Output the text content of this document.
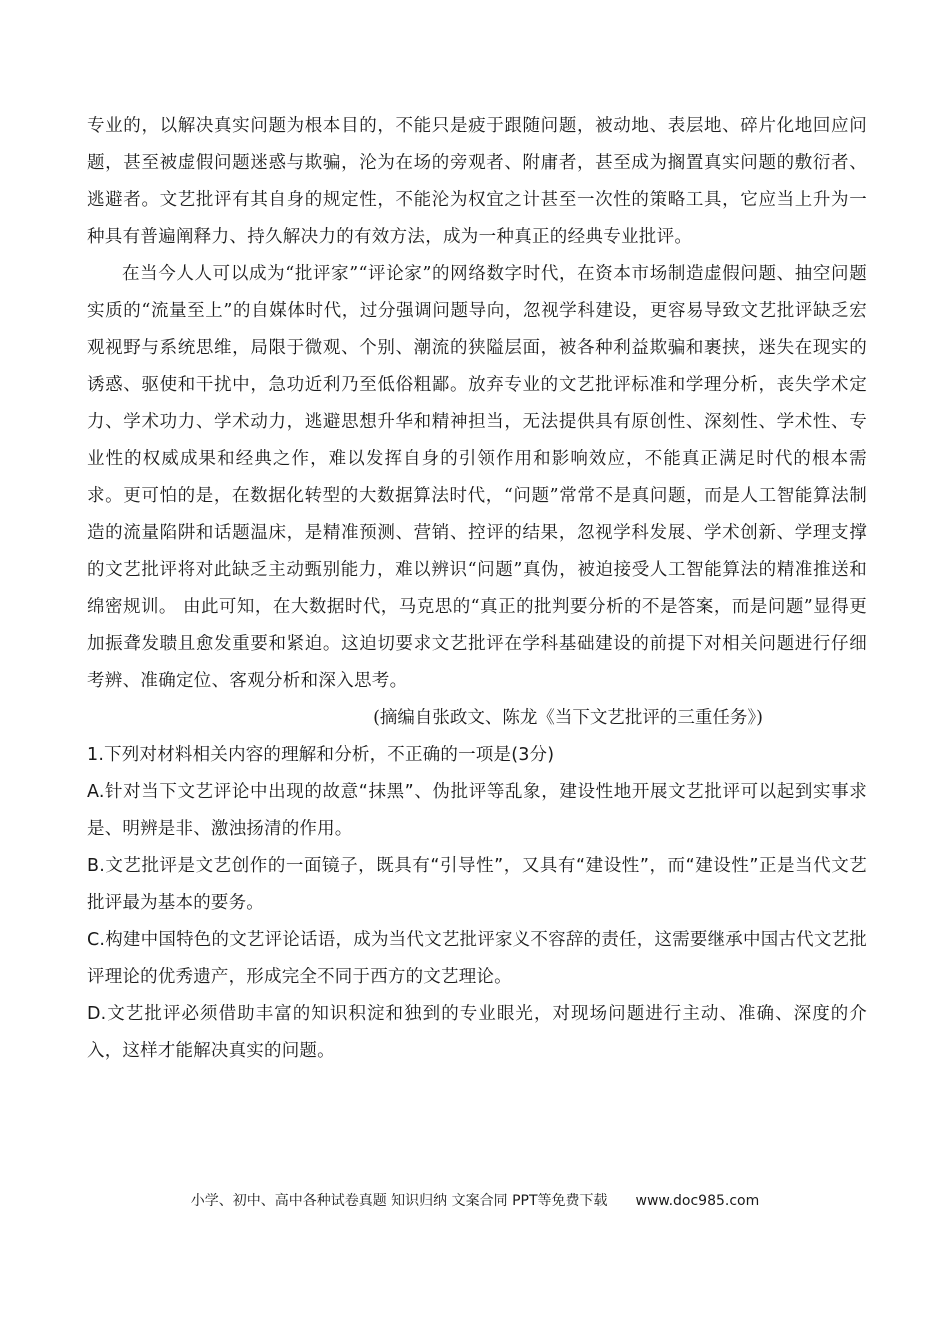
专业的，以解决真实问题为根本目的，不能只是疲于跟随问题，被动地、表层地、碎片化地回应问题，甚至被虚假问题迷惑与欺骗，沦为在场的旁观者、附庸者，甚至成为搁置真实问题的敷衍者、逃避者。文艺批评有其自身的规定性，不能沦为权宜之计甚至一次性的策略工具，它应当上升为一种具有普遍阐释力、持久解决力的有效方法，成为一种真正的经典专业批评。

在当今人人可以成为“批评家”“评论家”的网络数字时代，在资本市场制造虚假问题、抽空问题实质的“流量至上”的自媒体时代，过分强调问题导向，忽视学科建设，更容易导致文艺批评缺乏宏观视野与系统思维，局限于微观、个别、潮流的狭隘层面，被各种利益欺骗和裹挟，迷失在现实的诱惑、驱使和干扰中，急功近利乃至低俗粗鄙。放弃专业的文艺批评标准和学理分析，丧失学术定力、学术功力、学术动力，逃避思想升华和精神担当，无法提供具有原创性、深刻性、学术性、专业性的权威成果和经典之作，难以发挥自身的引领作用和影响效应，不能真正满足时代的根本需求。更可怕的是，在数据化转型的大数据算法时代，“问题”常常不是真问题，而是人工智能算法制造的流量陷阱和话题温床，是精准预测、营销、控评的结果，忽视学科发展、学术创新、学理支撑的文艺批评将对此缺乏主动甄别能力，难以辨识“问题”真伪，被迫接受人工智能算法的精准推送和绵密规训。 由此可知，在大数据时代，马克思的“真正的批判要分析的不是答案，而是问题”显得更加振聋发聩且愈发重要和紧迫。这迫切要求文艺批评在学科基础建设的前提下对相关问题进行仔细考辨、准确定位、客观分析和深入思考。

(摘编自张政文、陈龙《当下文艺批评的三重任务》)

1.下列对材料相关内容的理解和分析，不正确的一项是(3分)

A.针对当下文艺评论中出现的故意“抹黑”、伪批评等乱象，建设性地开展文艺批评可以起到实事求是、明辨是非、激浊扬清的作用。

B.文艺批评是文艺创作的一面镜子，既具有“引导性”，又具有“建设性”，而“建设性”正是当代文艺批评最为基本的要务。

C.构建中国特色的文艺评论话语，成为当代文艺批评家义不容辞的责任，这需要继承中国古代文艺批评理论的优秀遗产，形成完全不同于西方的文艺理论。

D.文艺批评必须借助丰富的知识积淀和独到的专业眼光，对现场问题进行主动、准确、深度的介入，这样才能解决真实的问题。

小学、初中、高中各种试卷真题 知识归纳 文案合同 PPT等免费下载 www.doc985.com
